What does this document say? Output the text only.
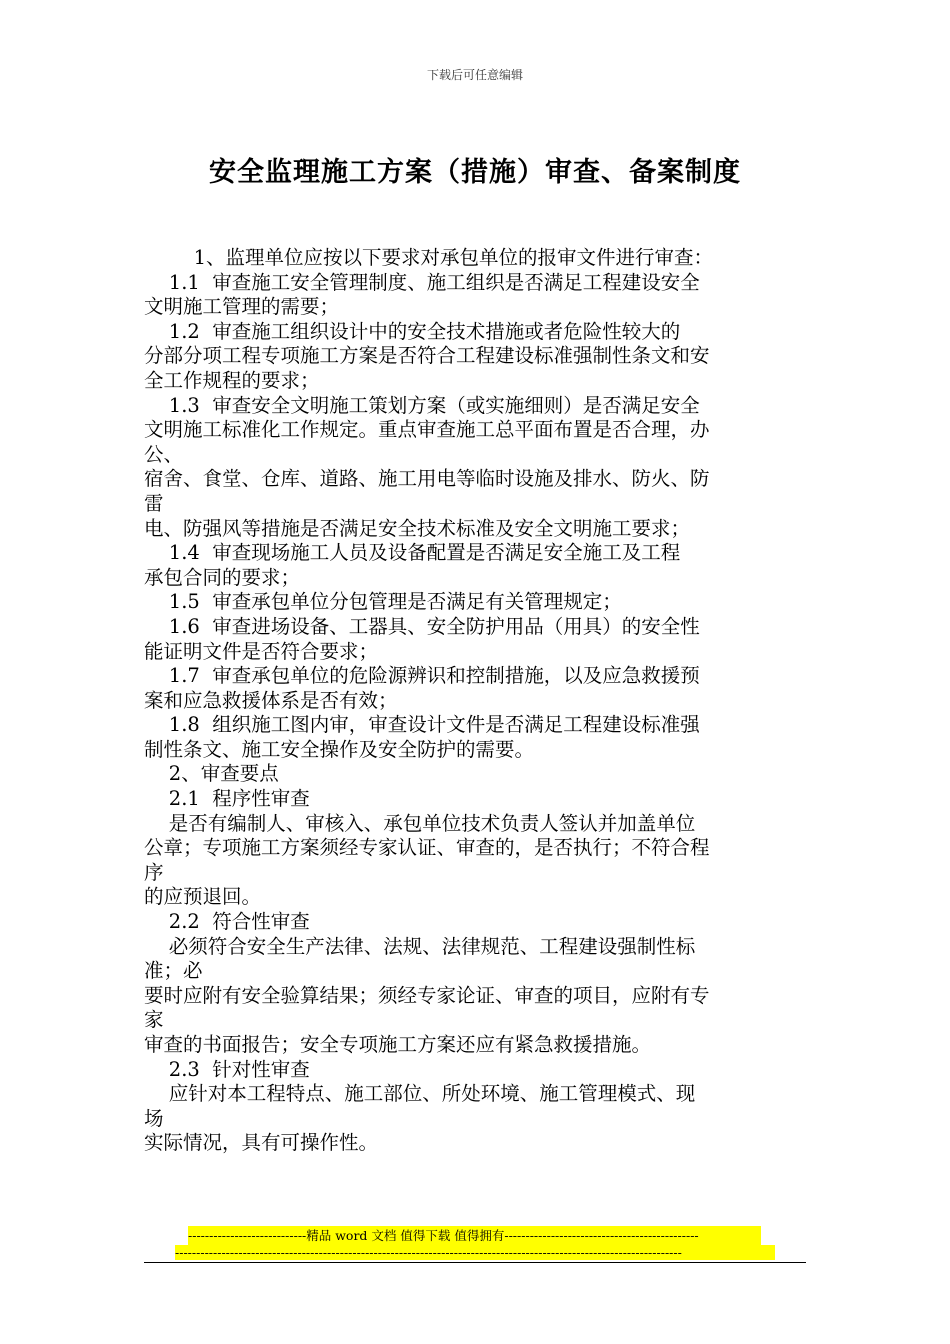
下载后可任意编辑
安全监理施工方案（措施）审查、备案制度
1、监理单位应按以下要求对承包单位的报审文件进行审查：
1.1  审查施工安全管理制度、施工组织是否满足工程建设安全
文明施工管理的需要；
1.2  审查施工组织设计中的安全技术措施或者危险性较大的
分部分项工程专项施工方案是否符合工程建设标准强制性条文和安
全工作规程的要求；
1.3  审查安全文明施工策划方案（或实施细则）是否满足安全
文明施工标准化工作规定。重点审查施工总平面布置是否合理，办
公、
宿舍、食堂、仓库、道路、施工用电等临时设施及排水、防火、防
雷
电、防强风等措施是否满足安全技术标准及安全文明施工要求；
1.4  审查现场施工人员及设备配置是否满足安全施工及工程
承包合同的要求；
1.5  审查承包单位分包管理是否满足有关管理规定；
1.6  审查进场设备、工器具、安全防护用品（用具）的安全性
能证明文件是否符合要求；
1.7  审查承包单位的危险源辨识和控制措施，以及应急救援预
案和应急救援体系是否有效；
1.8  组织施工图内审，审查设计文件是否满足工程建设标准强
制性条文、施工安全操作及安全防护的需要。
2、审查要点
2.1  程序性审查
是否有编制人、审核入、承包单位技术负责人签认并加盖单位
公章；专项施工方案须经专家认证、审查的，是否执行；不符合程
序
的应预退回。
2.2  符合性审查
必须符合安全生产法律、法规、法律规范、工程建设强制性标
准；必
要时应附有安全验算结果；须经专家论证、审查的项目，应附有专
家
审查的书面报告；安全专项施工方案还应有紧急救援措施。
2.3  针对性审查
应针对本工程特点、施工部位、所处环境、施工管理模式、现
场
实际情况，具有可操作性。
----------------------------精品 word 文档 值得下载 值得拥有----------------------------------------------
------------------------------------------------------------------------------------------------------------------------
